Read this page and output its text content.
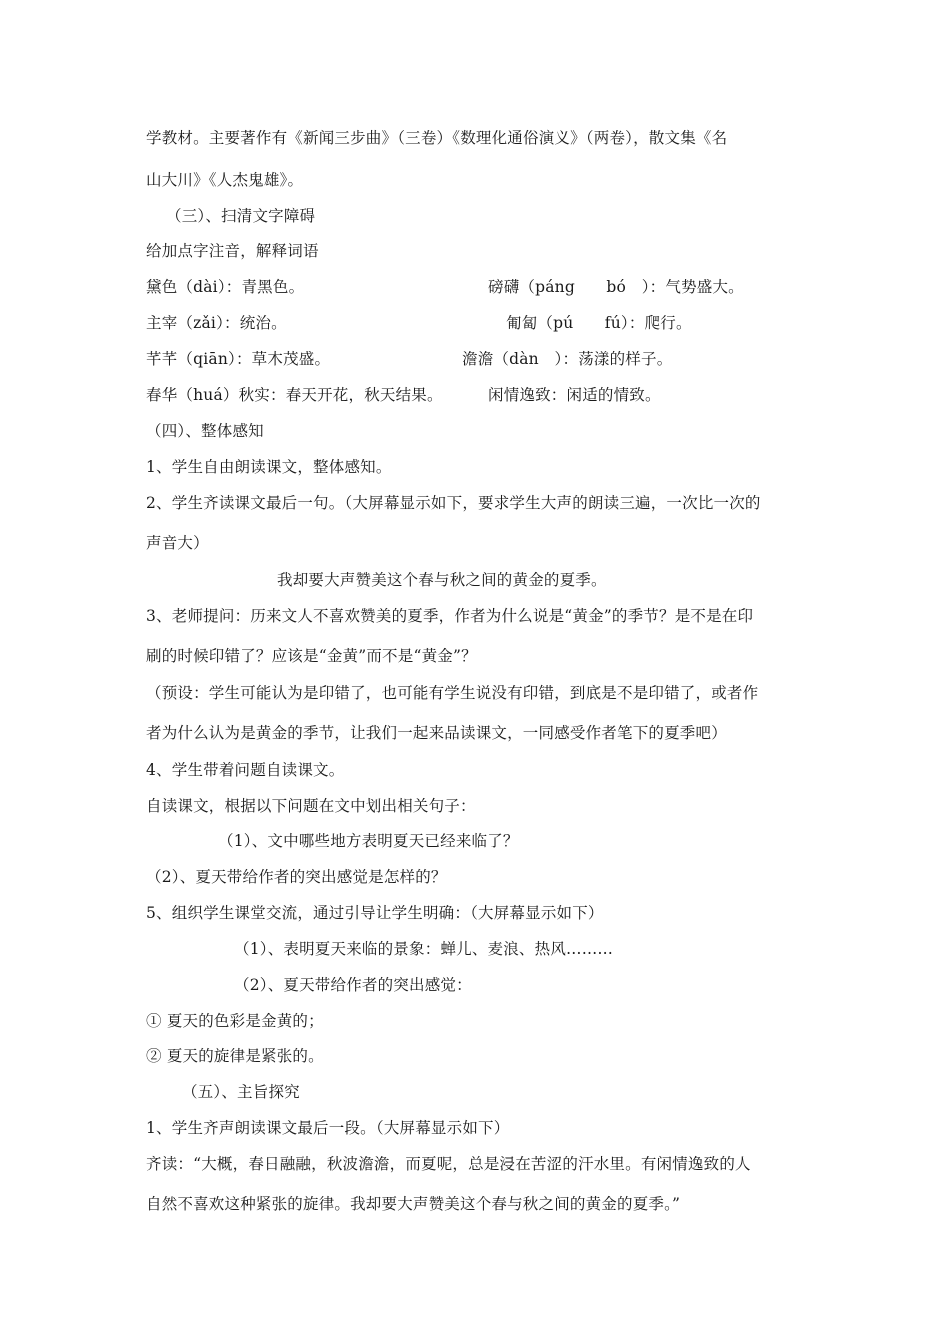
学教材。主要著作有《新闻三步曲》（三卷）《数理化通俗演义》（两卷），散文集《名
山大川》《人杰鬼雄》。
（三）、扫清文字障碍
给加点字注音，解释词语
黛色（dài）：青黑色。	磅礴（páng　　bó　）：气势盛大。
主宰（zǎi）：统治。	匍匐（pú　　fú）：爬行。
芊芊（qiān）：草木茂盛。	澹澹（dàn　）：荡漾的样子。
春华（huá）秋实：春天开花，秋天结果。	闲情逸致：闲适的情致。
（四）、整体感知
1、学生自由朗读课文，整体感知。
2、学生齐读课文最后一句。（大屏幕显示如下，要求学生大声的朗读三遍，一次比一次的
声音大）
我却要大声赞美这个春与秋之间的黄金的夏季。
3、老师提问：历来文人不喜欢赞美的夏季，作者为什么说是“黄金”的季节？是不是在印
刷的时候印错了？应该是“金黄”而不是“黄金”？
（预设：学生可能认为是印错了，也可能有学生说没有印错，到底是不是印错了，或者作
者为什么认为是黄金的季节，让我们一起来品读课文，一同感受作者笔下的夏季吧）
4、学生带着问题自读课文。
自读课文，根据以下问题在文中划出相关句子：
（1）、文中哪些地方表明夏天已经来临了？
（2）、夏天带给作者的突出感觉是怎样的？
5、组织学生课堂交流，通过引导让学生明确：（大屏幕显示如下）
（1）、表明夏天来临的景象：蝉儿、麦浪、热风………
（2）、夏天带给作者的突出感觉：
① 夏天的色彩是金黄的；
② 夏天的旋律是紧张的。
（五）、主旨探究
1、学生齐声朗读课文最后一段。（大屏幕显示如下）
齐读：“大概，春日融融，秋波澹澹，而夏呢，总是浸在苦涩的汗水里。有闲情逸致的人
自然不喜欢这种紧张的旋律。我却要大声赞美这个春与秋之间的黄金的夏季。”
